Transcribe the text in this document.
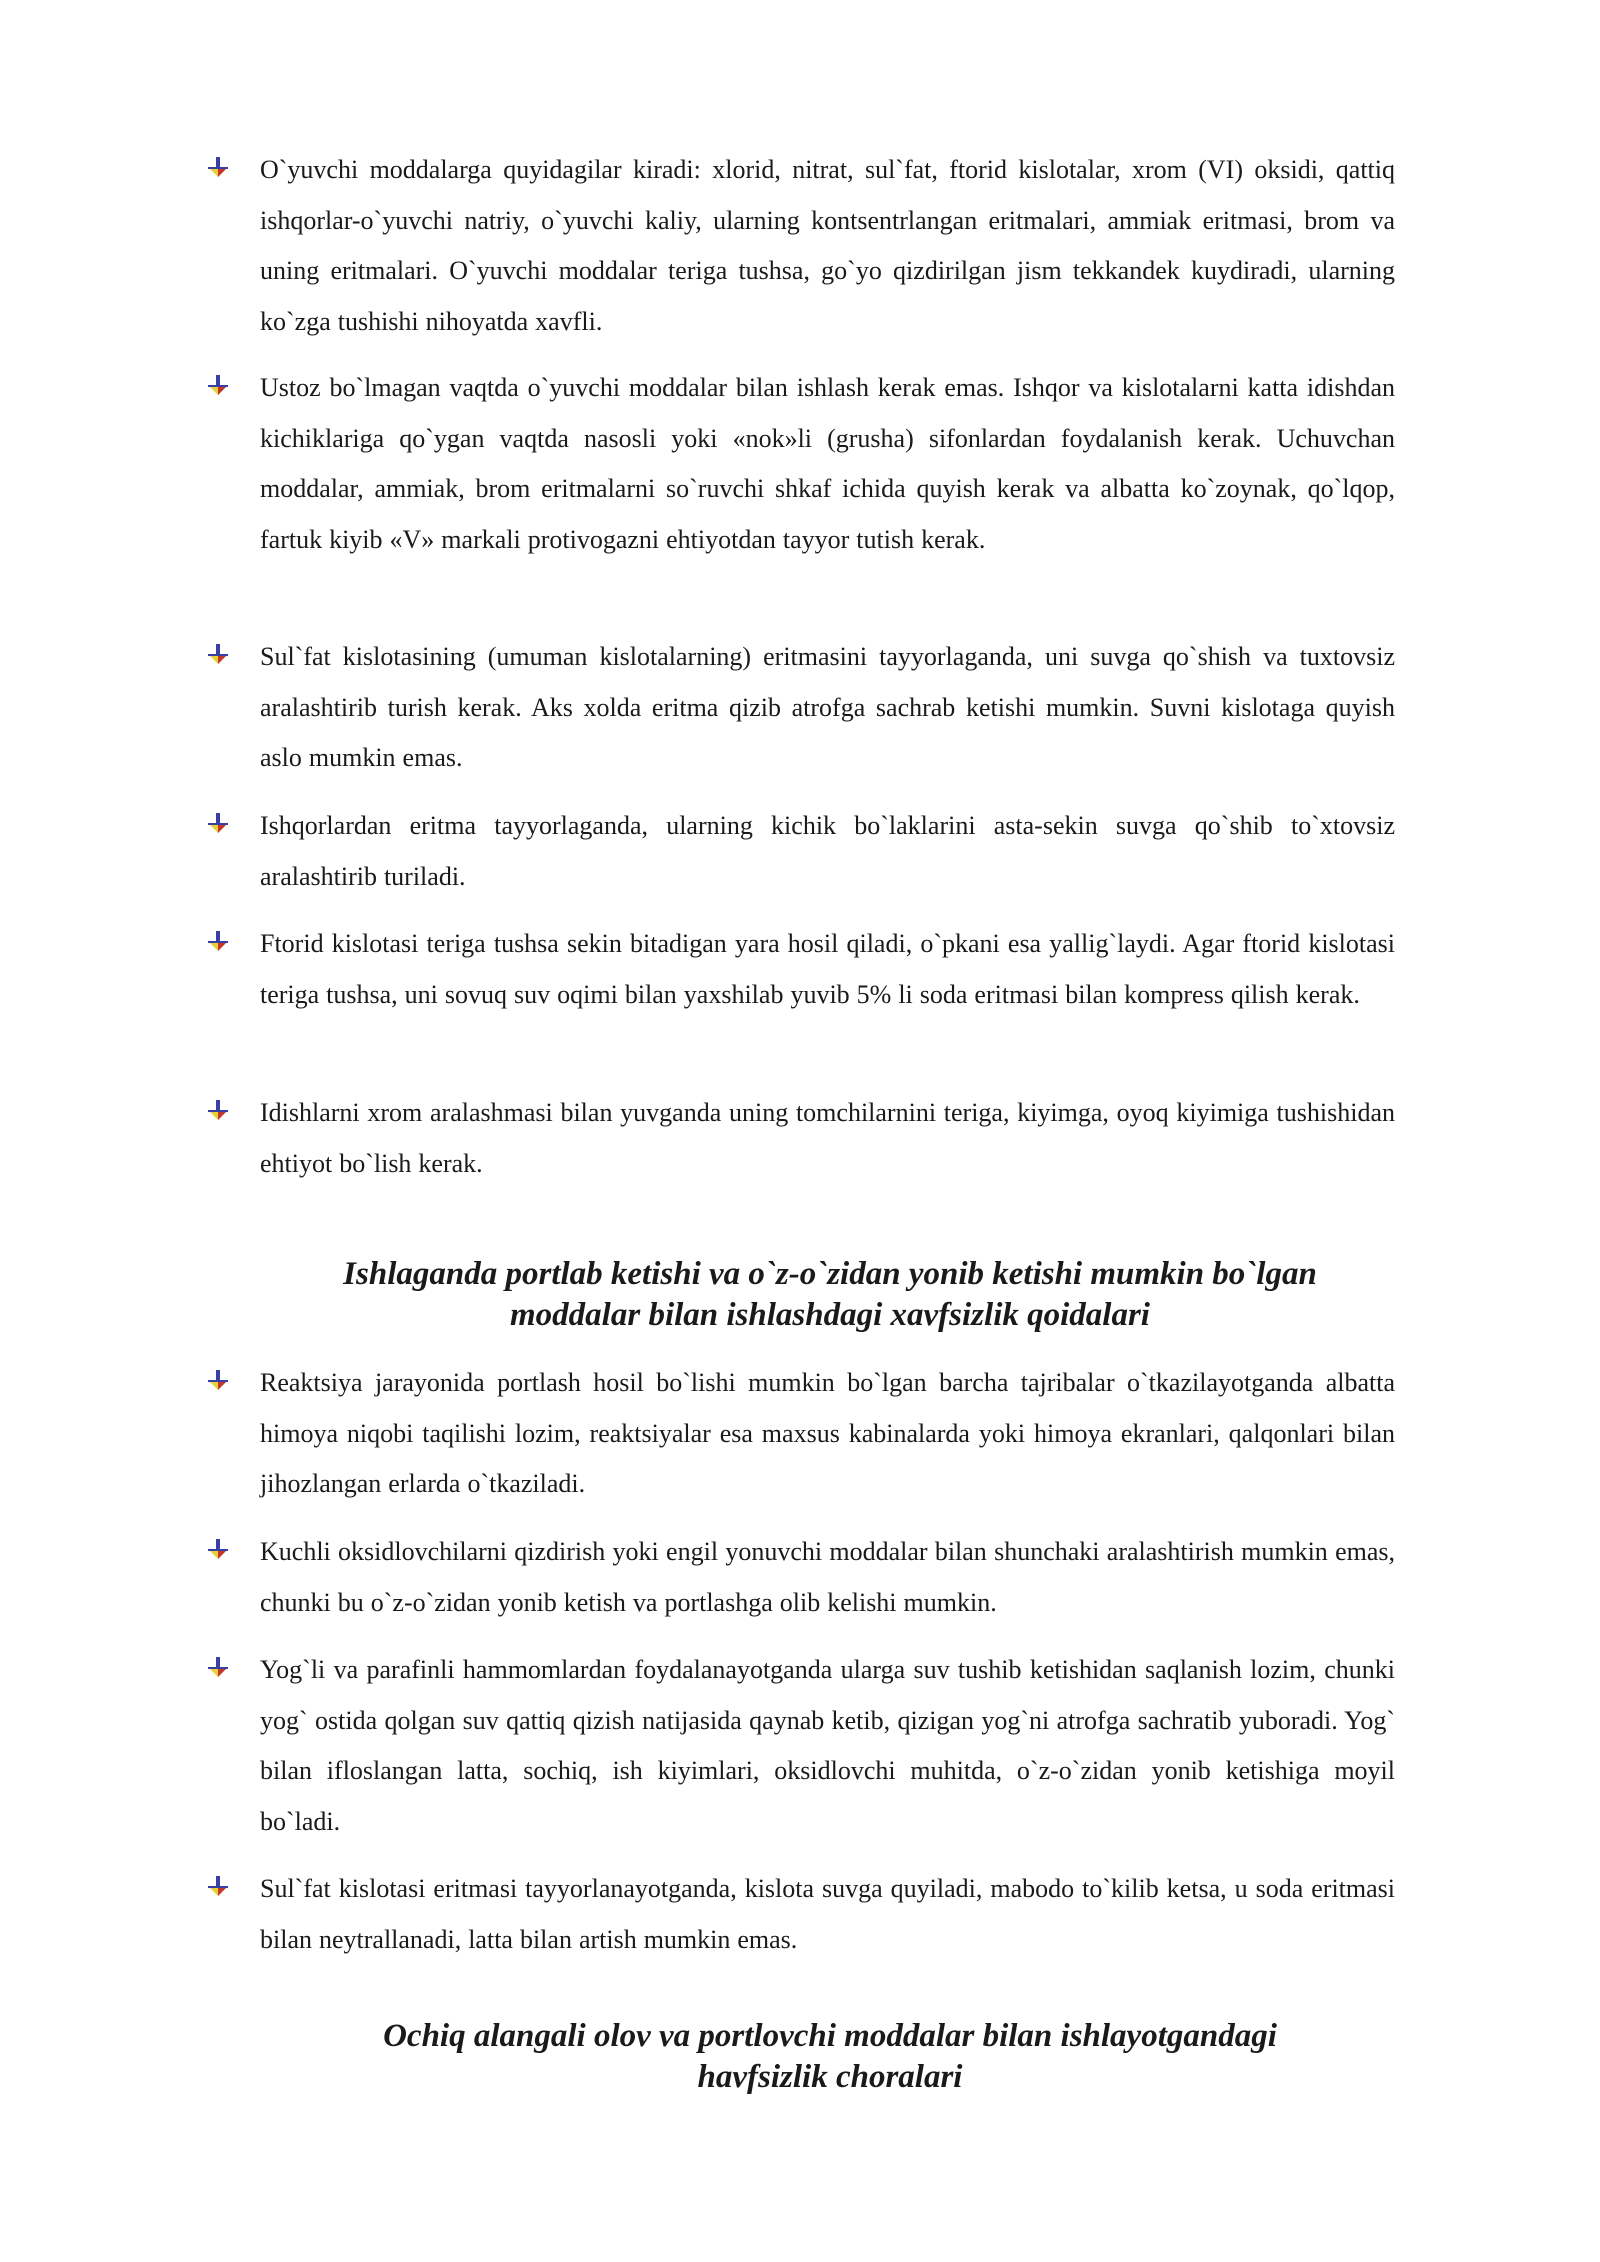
O`yuvchi moddalarga quyidagilar kiradi: xlorid, nitrat, sul`fat, ftorid kislotalar, xrom (VI) oksidi, qattiq ishqorlar-o`yuvchi natriy, o`yuvchi kaliy, ularning kontsentrlangan eritmalari, ammiak eritmasi, brom va uning eritmalari. O`yuvchi moddalar teriga tushsa, go`yo qizdirilgan jism tekkandek kuydiradi, ularning ko`zga tushishi nihoyatda xavfli.
Ustoz bo`lmagan vaqtda o`yuvchi moddalar bilan ishlash kerak emas. Ishqor va kislotalarni katta idishdan kichiklariga qo`ygan vaqtda nasosli yoki «nok»li (grusha) sifonlardan foydalanish kerak. Uchuvchan moddalar, ammiak, brom eritmalarni so`ruvchi shkaf ichida quyish kerak va albatta ko`zoynak, qo`lqop, fartuk kiyib «V» markali protivogazni ehtiyotdan tayyor tutish kerak.
Sul`fat kislotasining (umuman kislotalarning) eritmasini tayyorlaganda, uni suvga qo`shish va tuxtovsiz aralashtirib turish kerak. Aks xolda eritma qizib atrofga sachrab ketishi mumkin. Suvni kislotaga quyish aslo mumkin emas.
Ishqorlardan eritma tayyorlaganda, ularning kichik bo`laklarini asta-sekin suvga qo`shib to`xtovsiz aralashtirib turiladi.
Ftorid kislotasi teriga tushsa sekin bitadigan yara hosil qiladi, o`pkani esa yallig`laydi. Agar ftorid kislotasi teriga tushsa, uni sovuq suv oqimi bilan yaxshilab yuvib 5% li soda eritmasi bilan kompress qilish kerak.
Idishlarni xrom aralashmasi bilan yuvganda uning tomchilarnini teriga, kiyimga, oyoq kiyimiga tushishidan ehtiyot bo`lish kerak.
Ishlaganda portlab ketishi va o`z-o`zidan yonib ketishi mumkin bo`lgan
moddalar bilan ishlashdagi xavfsizlik qoidalari
Reaktsiya jarayonida portlash hosil bo`lishi mumkin bo`lgan barcha tajribalar o`tkazilayotganda albatta himoya niqobi taqilishi lozim, reaktsiyalar esa maxsus kabinalarda yoki himoya ekranlari, qalqonlari bilan jihozlangan erlarda o`tkaziladi.
Kuchli oksidlovchilarni qizdirish yoki engil yonuvchi moddalar bilan shunchaki aralashtirish mumkin emas, chunki bu o`z-o`zidan yonib ketish va portlashga olib kelishi mumkin.
Yog`li va parafinli hammomlardan foydalanayotganda ularga suv tushib ketishidan saqlanish lozim, chunki yog` ostida qolgan suv qattiq qizish natijasida qaynab ketib, qizigan yog`ni atrofga sachratib yuboradi. Yog` bilan ifloslangan latta, sochiq, ish kiyimlari, oksidlovchi muhitda, o`z-o`zidan yonib ketishiga moyil bo`ladi.
Sul`fat kislotasi eritmasi tayyorlanayotganda, kislota suvga quyiladi, mabodo to`kilib ketsa, u soda eritmasi bilan neytrallanadi, latta bilan artish mumkin emas.
Ochiq alangali olov va portlovchi moddalar bilan ishlayotgandagi
havfsizlik choralari
